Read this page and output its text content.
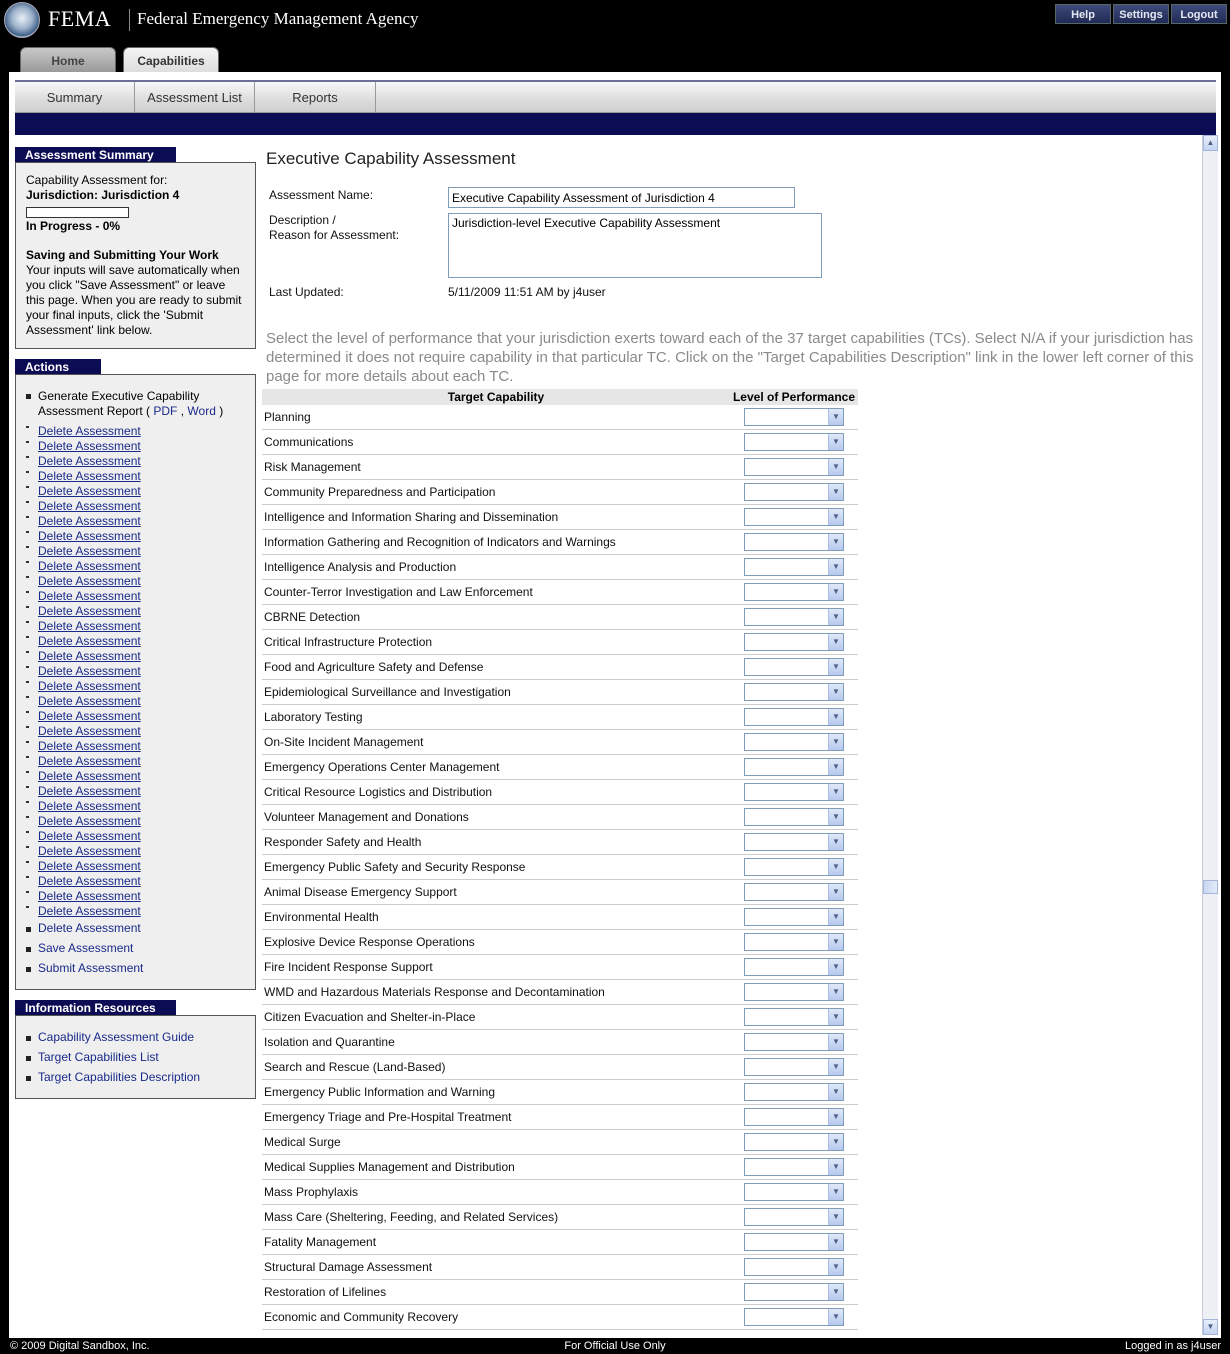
FEMA Federal Emergency Management Agency	Help	Settings	Logout
Home	Capabilities
Summary	Assessment List	Reports
Assessment Summary
Capability Assessment for:
Jurisdiction: Jurisdiction 4
In Progress - 0%
Saving and Submitting Your Work
Your inputs will save automatically when
you click "Save Assessment" or leave
this page. When you are ready to submit
your final inputs, click the 'Submit
Assessment' link below.
Actions
Generate Executive Capability
Assessment Report ( PDF , Word )
Delete Assessment
Delete Assessment
Delete Assessment
Delete Assessment
Delete Assessment
Delete Assessment
Delete Assessment
Delete Assessment
Delete Assessment
Delete Assessment
Delete Assessment
Delete Assessment
Delete Assessment
Delete Assessment
Delete Assessment
Delete Assessment
Delete Assessment
Delete Assessment
Delete Assessment
Delete Assessment
Delete Assessment
Delete Assessment
Delete Assessment
Delete Assessment
Delete Assessment
Delete Assessment
Delete Assessment
Delete Assessment
Delete Assessment
Delete Assessment
Delete Assessment
Delete Assessment
Delete Assessment
Delete Assessment
Save Assessment
Submit Assessment
Information Resources
Capability Assessment Guide
Target Capabilities List
Target Capabilities Description
Executive Capability Assessment
Assessment Name:
Executive Capability Assessment of Jurisdiction 4
Description /
Reason for Assessment:
Jurisdiction-level Executive Capability Assessment
Last Updated:	5/11/2009 11:51 AM by j4user
Select the level of performance that your jurisdiction exerts toward each of the 37 target capabilities (TCs). Select N/A if your jurisdiction has determined it does not require capability in that particular TC. Click on the "Target Capabilities Description" link in the lower left corner of this page for more details about each TC.
Target Capability	Level of Performance
Planning	▼
Communications	▼
Risk Management	▼
Community Preparedness and Participation	▼
Intelligence and Information Sharing and Dissemination	▼
Information Gathering and Recognition of Indicators and Warnings	▼
Intelligence Analysis and Production	▼
Counter-Terror Investigation and Law Enforcement	▼
CBRNE Detection	▼
Critical Infrastructure Protection	▼
Food and Agriculture Safety and Defense	▼
Epidemiological Surveillance and Investigation	▼
Laboratory Testing	▼
On-Site Incident Management	▼
Emergency Operations Center Management	▼
Critical Resource Logistics and Distribution	▼
Volunteer Management and Donations	▼
Responder Safety and Health	▼
Emergency Public Safety and Security Response	▼
Animal Disease Emergency Support	▼
Environmental Health	▼
Explosive Device Response Operations	▼
Fire Incident Response Support	▼
WMD and Hazardous Materials Response and Decontamination	▼
Citizen Evacuation and Shelter-in-Place	▼
Isolation and Quarantine	▼
Search and Rescue (Land-Based)	▼
Emergency Public Information and Warning	▼
Emergency Triage and Pre-Hospital Treatment	▼
Medical Surge	▼
Medical Supplies Management and Distribution	▼
Mass Prophylaxis	▼
Mass Care (Sheltering, Feeding, and Related Services)	▼
Fatality Management	▼
Structural Damage Assessment	▼
Restoration of Lifelines	▼
Economic and Community Recovery	▼
▲
▼
© 2009 Digital Sandbox, Inc.	For Official Use Only	Logged in as j4user
